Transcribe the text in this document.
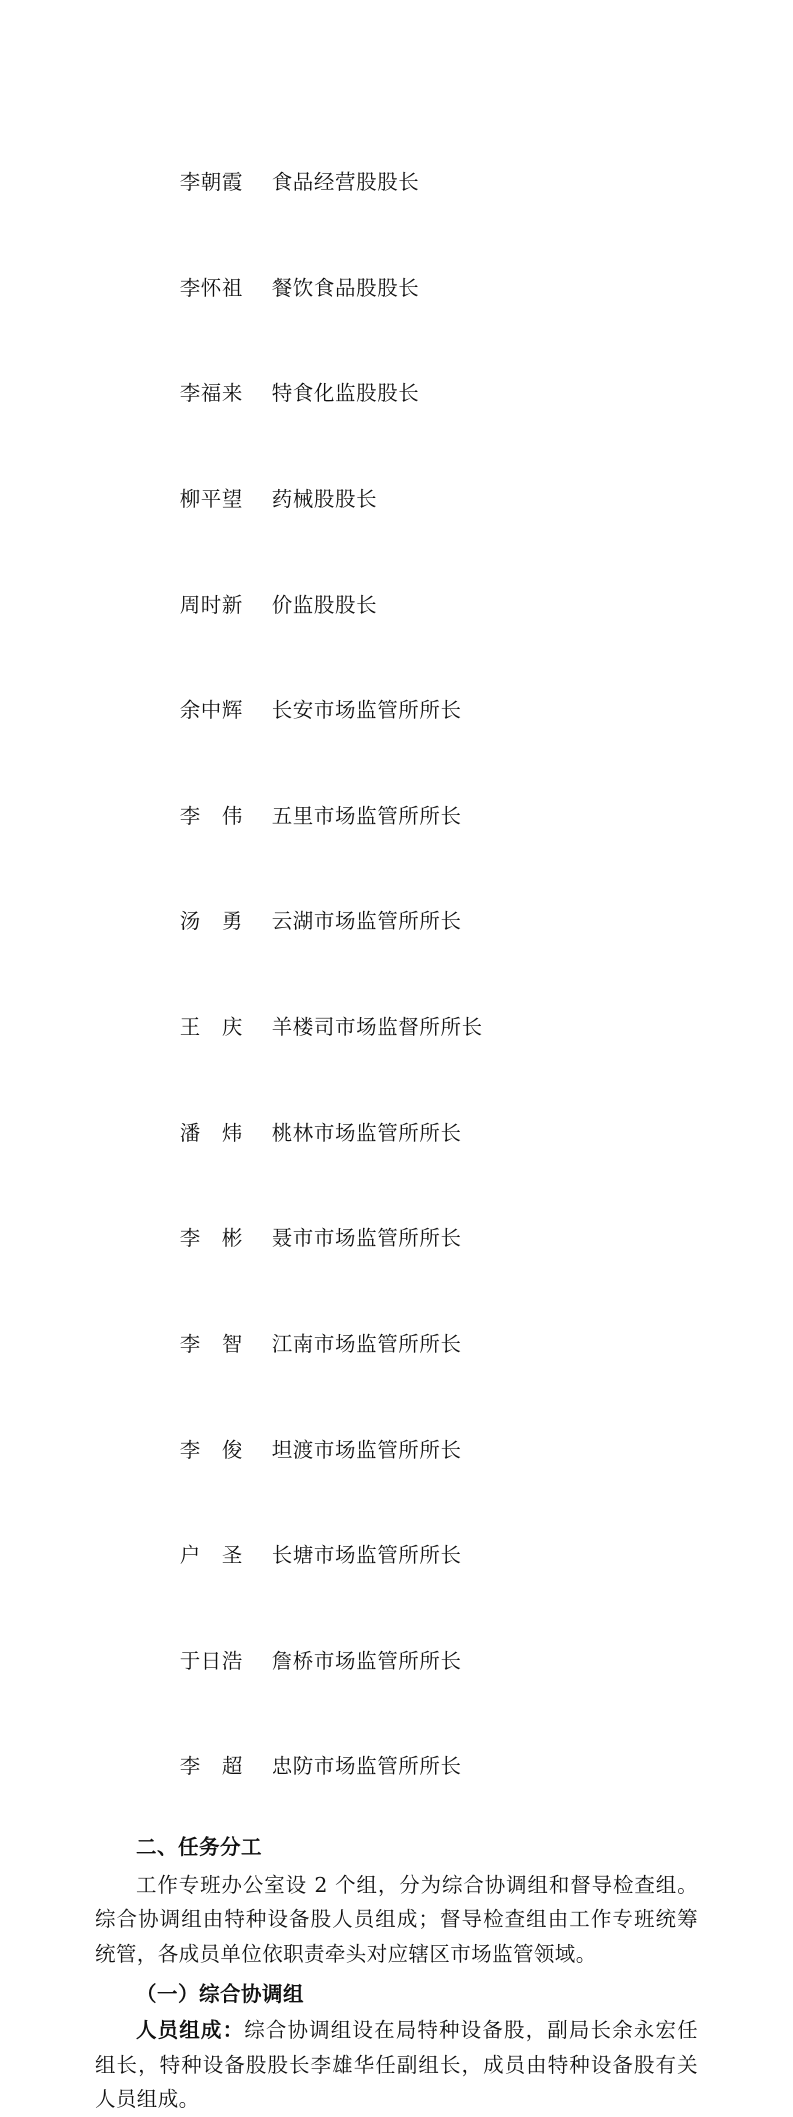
李朝霞 食品经营股股长

李怀祖 餐饮食品股股长

李福来 特食化监股股长

柳平望 药械股股长

周时新 价监股股长

余中辉 长安市场监管所所长

李　伟 五里市场监管所所长

汤　勇 云湖市场监管所所长

王　庆 羊楼司市场监督所所长

潘　炜 桃林市场监管所所长

李　彬 聂市市场监管所所长

李　智 江南市场监管所所长

李　俊 坦渡市场监管所所长

户　圣 长塘市场监管所所长

于日浩 詹桥市场监管所所长

李　超 忠防市场监管所所长

二、任务分工

工作专班办公室设 2 个组，分为综合协调组和督导检查组。综合协调组由特种设备股人员组成；督导检查组由工作专班统筹统管，各成员单位依职责牵头对应辖区市场监管领域。

（一）综合协调组

人员组成：综合协调组设在局特种设备股，副局长余永宏任组长，特种设备股股长李雄华任副组长，成员由特种设备股有关人员组成。
